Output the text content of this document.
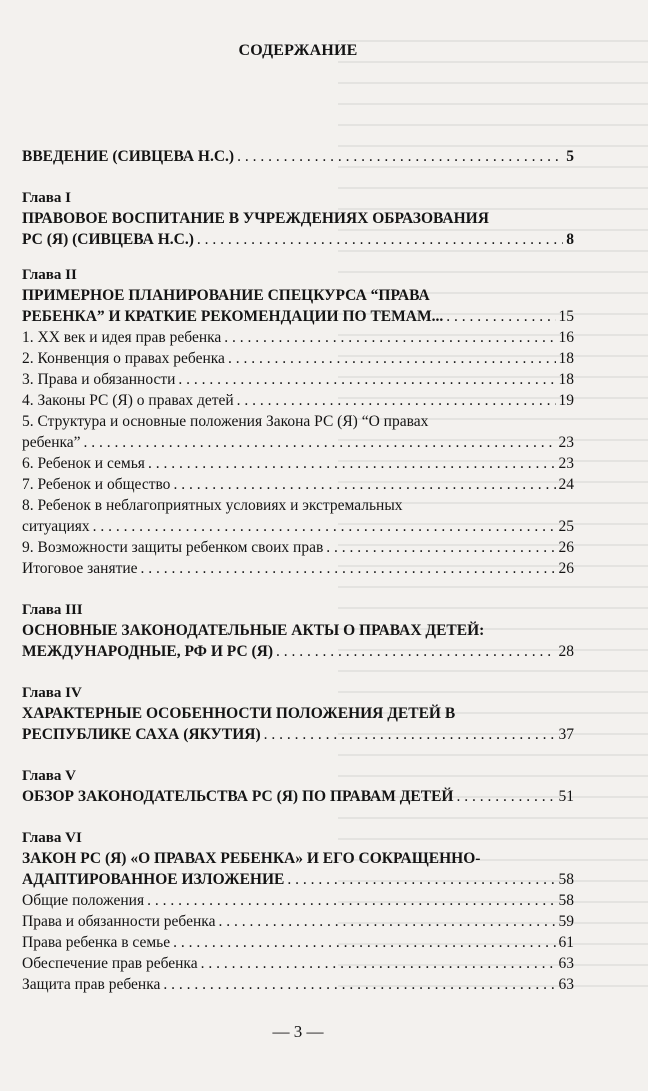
СОДЕРЖАНИЕ
ВВЕДЕНИЕ (СИВЦЕВА Н.С.) . . .	5
Глава I
ПРАВОВОЕ ВОСПИТАНИЕ В УЧРЕЖДЕНИЯХ ОБРАЗОВАНИЯ
РС (Я) (СИВЦЕВА Н.С.) . . .	8
Глава II
ПРИМЕРНОЕ ПЛАНИРОВАНИЕ СПЕЦКУРСА “ПРАВА
РЕБЕНКА” И КРАТКИЕ РЕКОМЕНДАЦИИ ПО ТЕМАМ... . . .	15
1. XX век и идея прав ребенка . . .	16
2. Конвенция о правах ребенка . . .	18
3. Права и обязанности . . .	18
4. Законы РС (Я) о правах детей . . .	19
5. Структура и основные положения Закона РС (Я) “О правах
ребенка” . . .	23
6. Ребенок и семья . . .	23
7. Ребенок и общество . . .	24
8. Ребенок в неблагоприятных условиях и экстремальных
ситуациях . . .	25
9. Возможности защиты ребенком своих прав . . .	26
Итоговое занятие . . .	26
Глава III
ОСНОВНЫЕ ЗАКОНОДАТЕЛЬНЫЕ АКТЫ О ПРАВАХ ДЕТЕЙ:
МЕЖДУНАРОДНЫЕ, РФ И РС (Я) . . .	28
Глава IV
ХАРАКТЕРНЫЕ ОСОБЕННОСТИ ПОЛОЖЕНИЯ ДЕТЕЙ В
РЕСПУБЛИКЕ САХА (ЯКУТИЯ) . . .	37
Глава V
ОБЗОР ЗАКОНОДАТЕЛЬСТВА РС (Я) ПО ПРАВАМ ДЕТЕЙ . . .	51
Глава VI
ЗАКОН РС (Я) «О ПРАВАХ РЕБЕНКА» И ЕГО СОКРАЩЕННО-
АДАПТИРОВАННОЕ ИЗЛОЖЕНИЕ . . .	58
Общие положения . . .	58
Права и обязанности ребенка . . .	59
Права ребенка в семье . . .	61
Обеспечение прав ребенка . . .	63
Защита прав ребенка . . .	63
— 3 —
